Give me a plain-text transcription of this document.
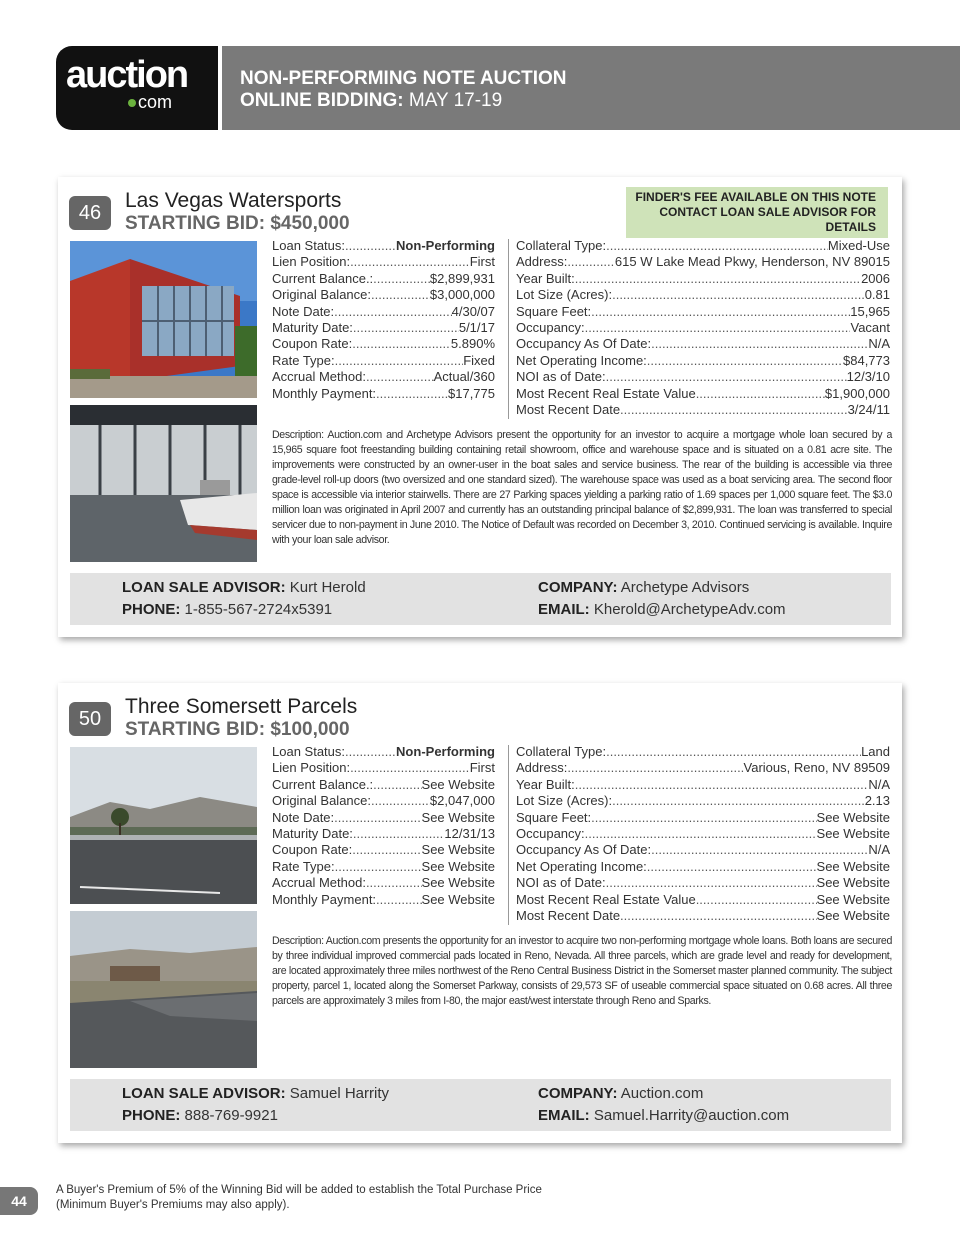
auction
com
NON-PERFORMING NOTE AUCTION
ONLINE BIDDING: MAY 17-19
46
Las Vegas Watersports
STARTING BID: $450,000
FINDER'S FEE AVAILABLE ON THIS NOTE
CONTACT LOAN SALE ADVISOR FOR DETAILS
Loan Status: .....	Non-Performing
Lien Position: .....	First
Current Balance.: .....	$2,899,931
Original Balance: .....	$3,000,000
Note Date: .....	4/30/07
Maturity Date: .....	5/1/17
Coupon Rate: .....	5.890%
Rate Type: .....	Fixed
Accrual Method: .....	Actual/360
Monthly Payment: .....	$17,775
Collateral Type: .....	Mixed-Use
Address: .....	615 W Lake Mead Pkwy, Henderson, NV 89015
Year Built: .....	2006
Lot Size (Acres): .....	0.81
Square Feet: .....	15,965
Occupancy: .....	Vacant
Occupancy As Of Date: .....	N/A
Net Operating Income: .....	$84,773
NOI as of Date: .....	12/3/10
Most Recent Real Estate Value .....	$1,900,000
Most Recent Date .....	3/24/11
Description: Auction.com and Archetype Advisors present the opportunity for an investor to acquire a mortgage whole loan secured by a 15,965 square foot freestanding building containing retail showroom, office and warehouse space and is situated on a 0.81 acre site. The improvements were constructed by an owner-user in the boat sales and service business. The rear of the building is accessible via three grade-level roll-up doors (two oversized and one standard sized). The warehouse space was used as a boat servicing area. The second floor space is accessible via interior stairwells. There are 27 Parking spaces yielding a parking ratio of 1.69 spaces per 1,000 square feet. The $3.0 million loan was originated in April 2007 and currently has an outstanding principal balance of $2,899,931. The loan was transferred to special servicer due to non-payment in June 2010. The Notice of Default was recorded on December 3, 2010. Continued servicing is available. Inquire with your loan sale advisor.
LOAN SALE ADVISOR: Kurt Herold
PHONE: 1-855-567-2724x5391
COMPANY: Archetype Advisors
EMAIL: Kherold@ArchetypeAdv.com
50
Three Somersett Parcels
STARTING BID: $100,000
Loan Status: .....	Non-Performing
Lien Position: .....	First
Current Balance.: .....	See Website
Original Balance: .....	$2,047,000
Note Date: .....	See Website
Maturity Date: .....	12/31/13
Coupon Rate: .....	See Website
Rate Type: .....	See Website
Accrual Method: .....	See Website
Monthly Payment: .....	See Website
Collateral Type: .....	Land
Address: .....	Various, Reno, NV 89509
Year Built: .....	N/A
Lot Size (Acres): .....	2.13
Square Feet: .....	See Website
Occupancy: .....	See Website
Occupancy As Of Date: .....	N/A
Net Operating Income: .....	See Website
NOI as of Date: .....	See Website
Most Recent Real Estate Value .....	See Website
Most Recent Date .....	See Website
Description: Auction.com presents the opportunity for an investor to acquire two non-performing mortgage whole loans. Both loans are secured by three individual improved commercial pads located in Reno, Nevada. All three parcels, which are grade level and ready for development, are located approximately three miles northwest of the Reno Central Business District in the Somerset master planned community. The subject property, parcel 1, located along the Somerset Parkway, consists of 29,573 SF of useable commercial space situated on 0.68 acres. All three parcels are approximately 3 miles from I-80, the major east/west interstate through Reno and Sparks.
LOAN SALE ADVISOR: Samuel Harrity
PHONE: 888-769-9921
COMPANY: Auction.com
EMAIL: Samuel.Harrity@auction.com
44
A Buyer's Premium of 5% of the Winning Bid will be added to establish the Total Purchase Price
(Minimum Buyer's Premiums may also apply).
